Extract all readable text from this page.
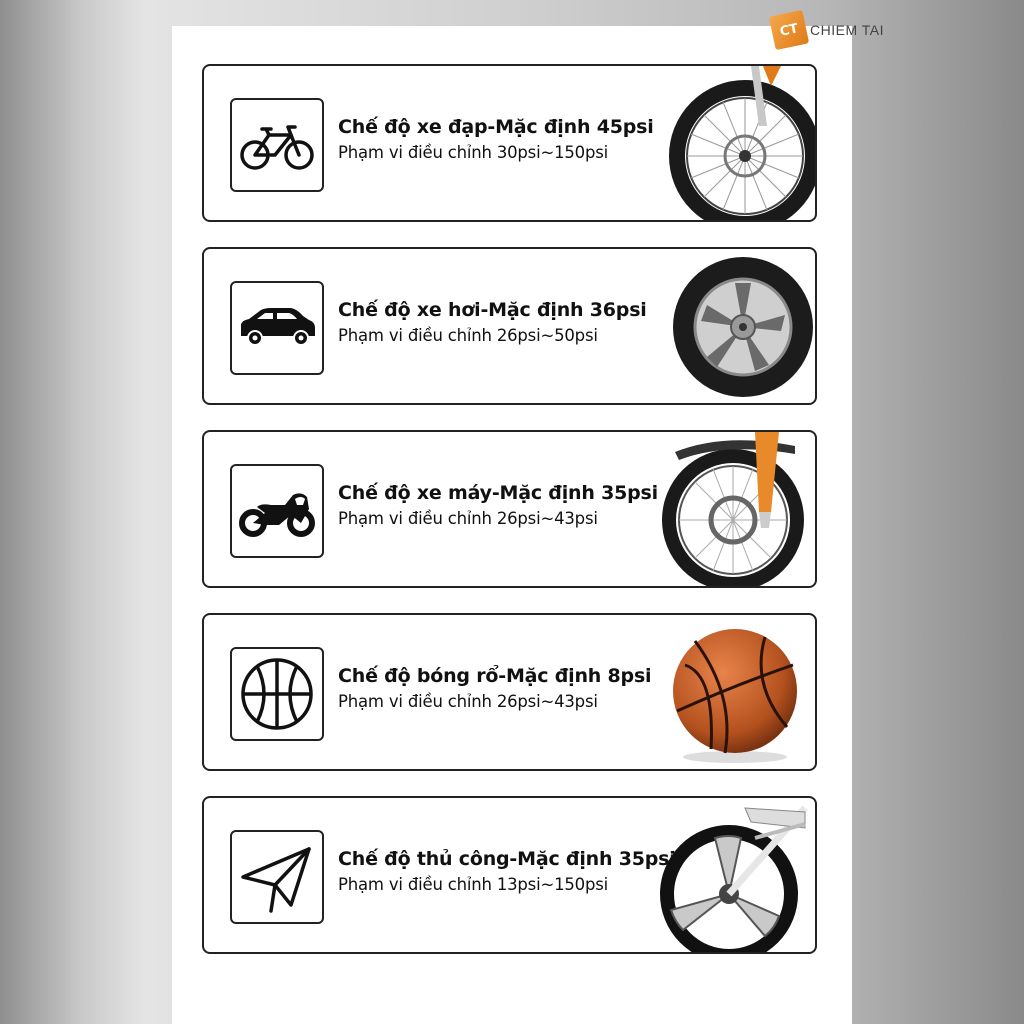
CT CHIEM TAI
Chế độ xe đạp-Mặc định 45psi
Phạm vi điều chỉnh 30psi~150psi
Chế độ xe hơi-Mặc định 36psi
Phạm vi điều chỉnh 26psi~50psi
Chế độ xe máy-Mặc định 35psi
Phạm vi điều chỉnh 26psi~43psi
Chế độ bóng rổ-Mặc định 8psi
Phạm vi điều chỉnh 26psi~43psi
Chế độ thủ công-Mặc định 35psi
Phạm vi điều chỉnh 13psi~150psi
